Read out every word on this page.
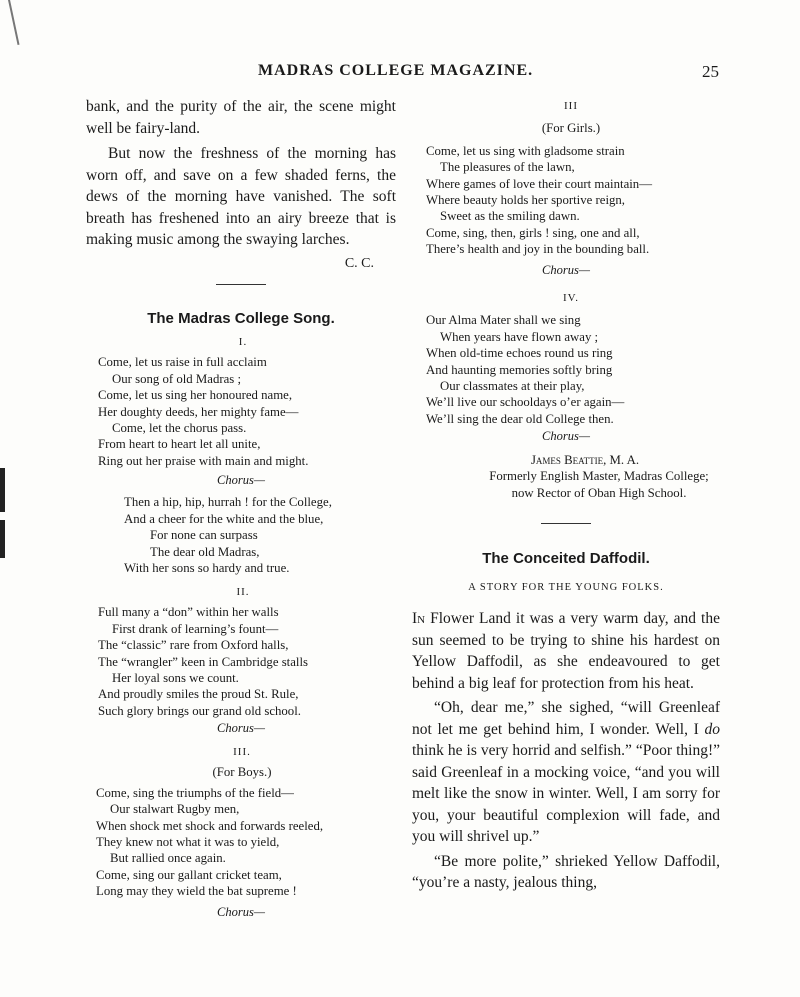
MADRAS COLLEGE MAGAZINE.	25

bank, and the purity of the air, the scene might well be fairy-land.

But now the freshness of the morning has worn off, and save on a few shaded ferns, the dews of the morning have vanished. The soft breath has freshened into an airy breeze that is making music among the swaying larches.

C. C.
The Madras College Song.
I.
Come, let us raise in full acclaim
Our song of old Madras ;
Come, let us sing her honoured name,
Her doughty deeds, her mighty fame—
Come, let the chorus pass.
From heart to heart let all unite,
Ring out her praise with main and might.
Chorus—
Then a hip, hip, hurrah ! for the College,
And a cheer for the white and the blue,
For none can surpass
The dear old Madras,
With her sons so hardy and true.
II.
Full many a “don” within her walls
First drank of learning’s fount—
The “classic” rare from Oxford halls,
The “wrangler” keen in Cambridge stalls
Her loyal sons we count.
And proudly smiles the proud St. Rule,
Such glory brings our grand old school.
Chorus—
III.
(For Boys.)
Come, sing the triumphs of the field—
Our stalwart Rugby men,
When shock met shock and forwards reeled,
They knew not what it was to yield,
But rallied once again.
Come, sing our gallant cricket team,
Long may they wield the bat supreme !
Chorus—
III
(For Girls.)
Come, let us sing with gladsome strain
The pleasures of the lawn,
Where games of love their court maintain—
Where beauty holds her sportive reign,
Sweet as the smiling dawn.
Come, sing, then, girls ! sing, one and all,
There’s health and joy in the bounding ball.
Chorus—
IV.
Our Alma Mater shall we sing
When years have flown away ;
When old-time echoes round us ring
And haunting memories softly bring
Our classmates at their play,
We’ll live our schooldays o’er again—
We’ll sing the dear old College then.
Chorus—
James Beattie, M. A.
Formerly English Master, Madras College;
now Rector of Oban High School.
The Conceited Daffodil.
A STORY FOR THE YOUNG FOLKS.

In Flower Land it was a very warm day, and the sun seemed to be trying to shine his hardest on Yellow Daffodil, as she endeavoured to get behind a big leaf for protection from his heat.

“Oh, dear me,” she sighed, “will Greenleaf not let me get behind him, I wonder. Well, I do think he is very horrid and selfish.” “Poor thing!” said Greenleaf in a mocking voice, “and you will melt like the snow in winter. Well, I am sorry for you, your beautiful complexion will fade, and you will shrivel up.”

“Be more polite,” shrieked Yellow Daffodil, “you’re a nasty, jealous thing,
